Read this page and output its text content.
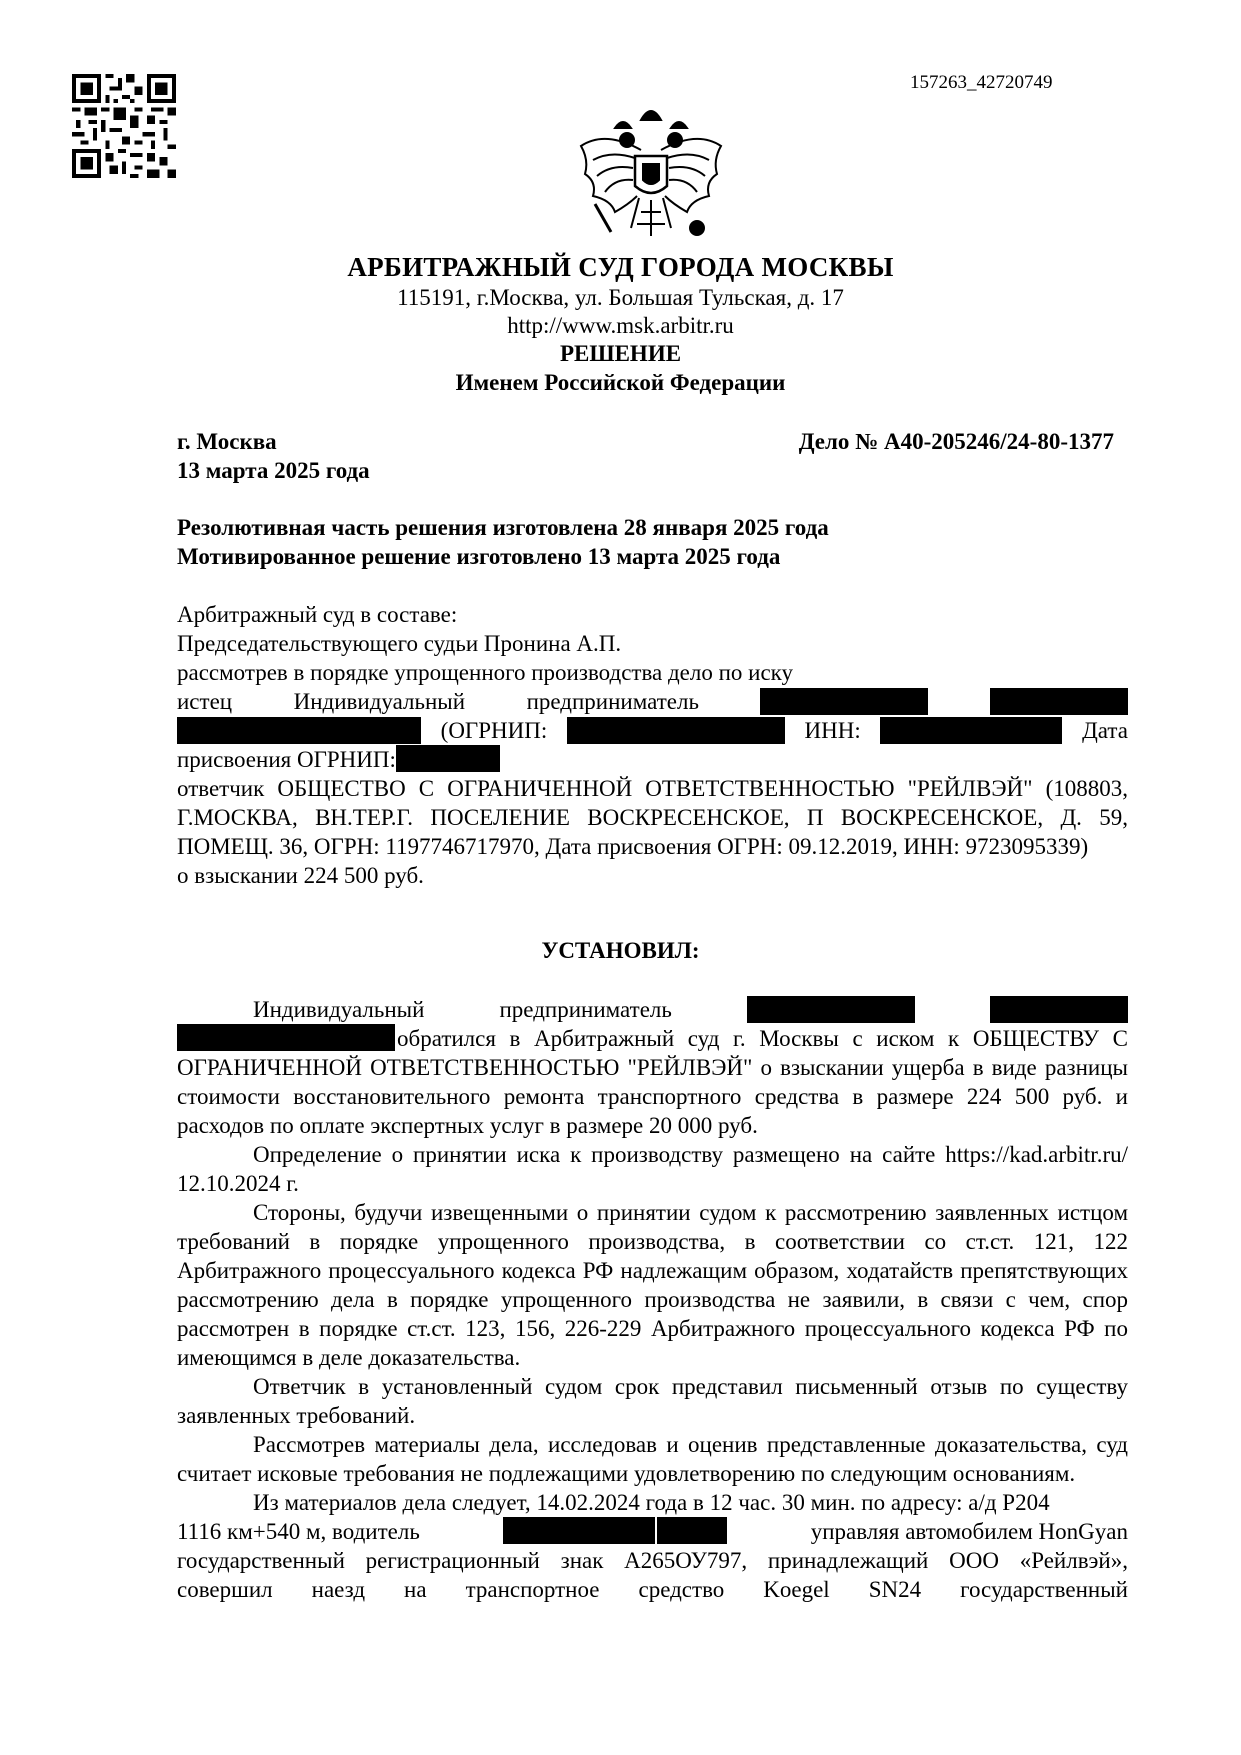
157263_42720749
АРБИТРАЖНЫЙ СУД ГОРОДА МОСКВЫ
115191, г.Москва, ул. Большая Тульская, д. 17
http://www.msk.arbitr.ru
РЕШЕНИЕ
Именем Российской Федерации
г. Москва
13 марта 2025 года
Дело № А40-205246/24-80-1377
Резолютивная часть решения изготовлена 28 января 2025 года
Мотивированное решение изготовлено 13 марта 2025 года
Арбитражный суд в составе:
Председательствующего судьи Пронина А.П.
рассмотрев в порядке упрощенного производства дело по иску
истец	Индивидуальный	предприниматель
(ОГРНИП:	ИНН:	Дата
присвоения ОГРНИП:

ответчик ОБЩЕСТВО С ОГРАНИЧЕННОЙ ОТВЕТСТВЕННОСТЬЮ "РЕЙЛВЭЙ" (108803, Г.МОСКВА, ВН.ТЕР.Г. ПОСЕЛЕНИЕ ВОСКРЕСЕНСКОЕ, П ВОСКРЕСЕНСКОЕ, Д. 59, ПОМЕЩ. 36, ОГРН: 1197746717970, Дата присвоения ОГРН: 09.12.2019, ИНН: 9723095339)

о взыскании 224 500 руб.
УСТАНОВИЛ:
Индивидуальный	предприниматель

обратился в Арбитражный суд г. Москвы с иском к ОБЩЕСТВУ С ОГРАНИЧЕННОЙ ОТВЕТСТВЕННОСТЬЮ "РЕЙЛВЭЙ" о взыскании ущерба в виде разницы стоимости восстановительного ремонта транспортного средства в размере 224 500 руб. и расходов по оплате экспертных услуг в размере 20 000 руб.

Определение о принятии иска к производству размещено на сайте https://kad.arbitr.ru/ 12.10.2024 г.

Стороны, будучи извещенными о принятии судом к рассмотрению заявленных истцом требований в порядке упрощенного производства, в соответствии со ст.ст. 121, 122 Арбитражного процессуального кодекса РФ надлежащим образом, ходатайств препятствующих рассмотрению дела в порядке упрощенного производства не заявили, в связи с чем, спор рассмотрен в порядке ст.ст. 123, 156, 226-229 Арбитражного процессуального кодекса РФ по имеющимся в деле доказательства.

Ответчик в установленный судом срок представил письменный отзыв по существу заявленных требований.

Рассмотрев материалы дела, исследовав и оценив представленные доказательства, суд считает исковые требования не подлежащими удовлетворению по следующим основаниям.

Из материалов дела следует, 14.02.2024 года в 12 час. 30 мин. по адресу: а/д Р204
1116 км+540 м, водитель	управляя автомобилем HonGyan

государственный регистрационный знак А265ОУ797, принадлежащий ООО «Рейлвэй», совершил наезд на транспортное средство Koegel SN24 государственный
